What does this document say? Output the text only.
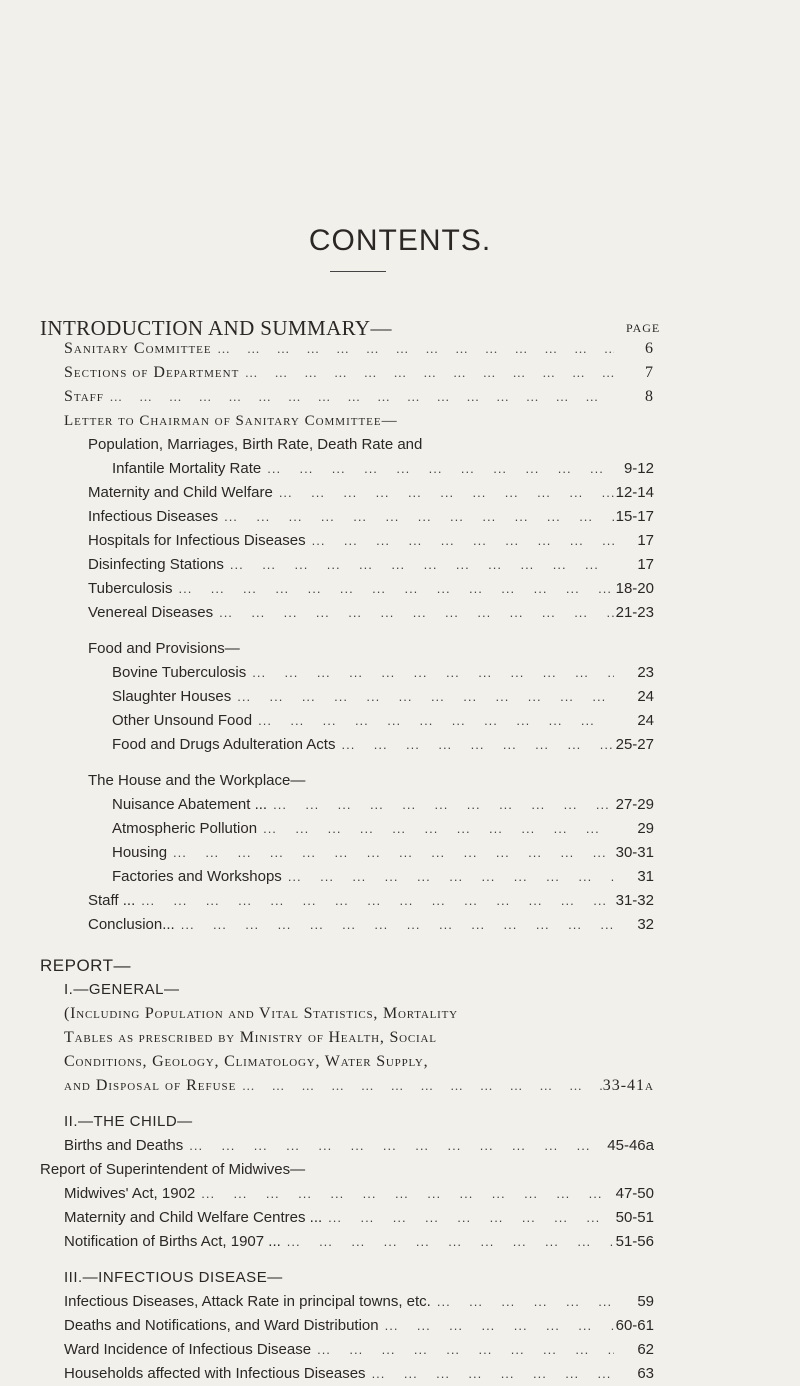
CONTENTS.
INTRODUCTION AND SUMMARY—	PAGE
Sanitary Committee ...	6
Sections of Department ...	7
Staff ...	8
Letter to Chairman of Sanitary Committee—
Population, Marriages, Birth Rate, Death Rate and
Infantile Mortality Rate ...	9-12
Maternity and Child Welfare ...	12-14
Infectious Diseases ...	15-17
Hospitals for Infectious Diseases ...	17
Disinfecting Stations ...	17
Tuberculosis ...	18-20
Venereal Diseases ...	21-23
Food and Provisions—
Bovine Tuberculosis ...	23
Slaughter Houses ...	24
Other Unsound Food ...	24
Food and Drugs Adulteration Acts ...	25-27
The House and the Workplace—
Nuisance Abatement ... ...	27-29
Atmospheric Pollution ...	29
Housing ...	30-31
Factories and Workshops ...	31
Staff ... ...	31-32
Conclusion... ...	32
REPORT—
I.—GENERAL—
(Including Population and Vital Statistics, Mortality
Tables as prescribed by Ministry of Health, Social
Conditions, Geology, Climatology, Water Supply,
and Disposal of Refuse ...	33-41a
II.—THE CHILD—
Births and Deaths ...	45-46a
Report of Superintendent of Midwives—
Midwives' Act, 1902 ...	47-50
Maternity and Child Welfare Centres ... ...	50-51
Notification of Births Act, 1907 ... ...	51-56
III.—INFECTIOUS DISEASE—
Infectious Diseases, Attack Rate in principal towns, etc. ...	59
Deaths and Notifications, and Ward Distribution ...	60-61
Ward Incidence of Infectious Disease ...	62
Households affected with Infectious Diseases ...	63
